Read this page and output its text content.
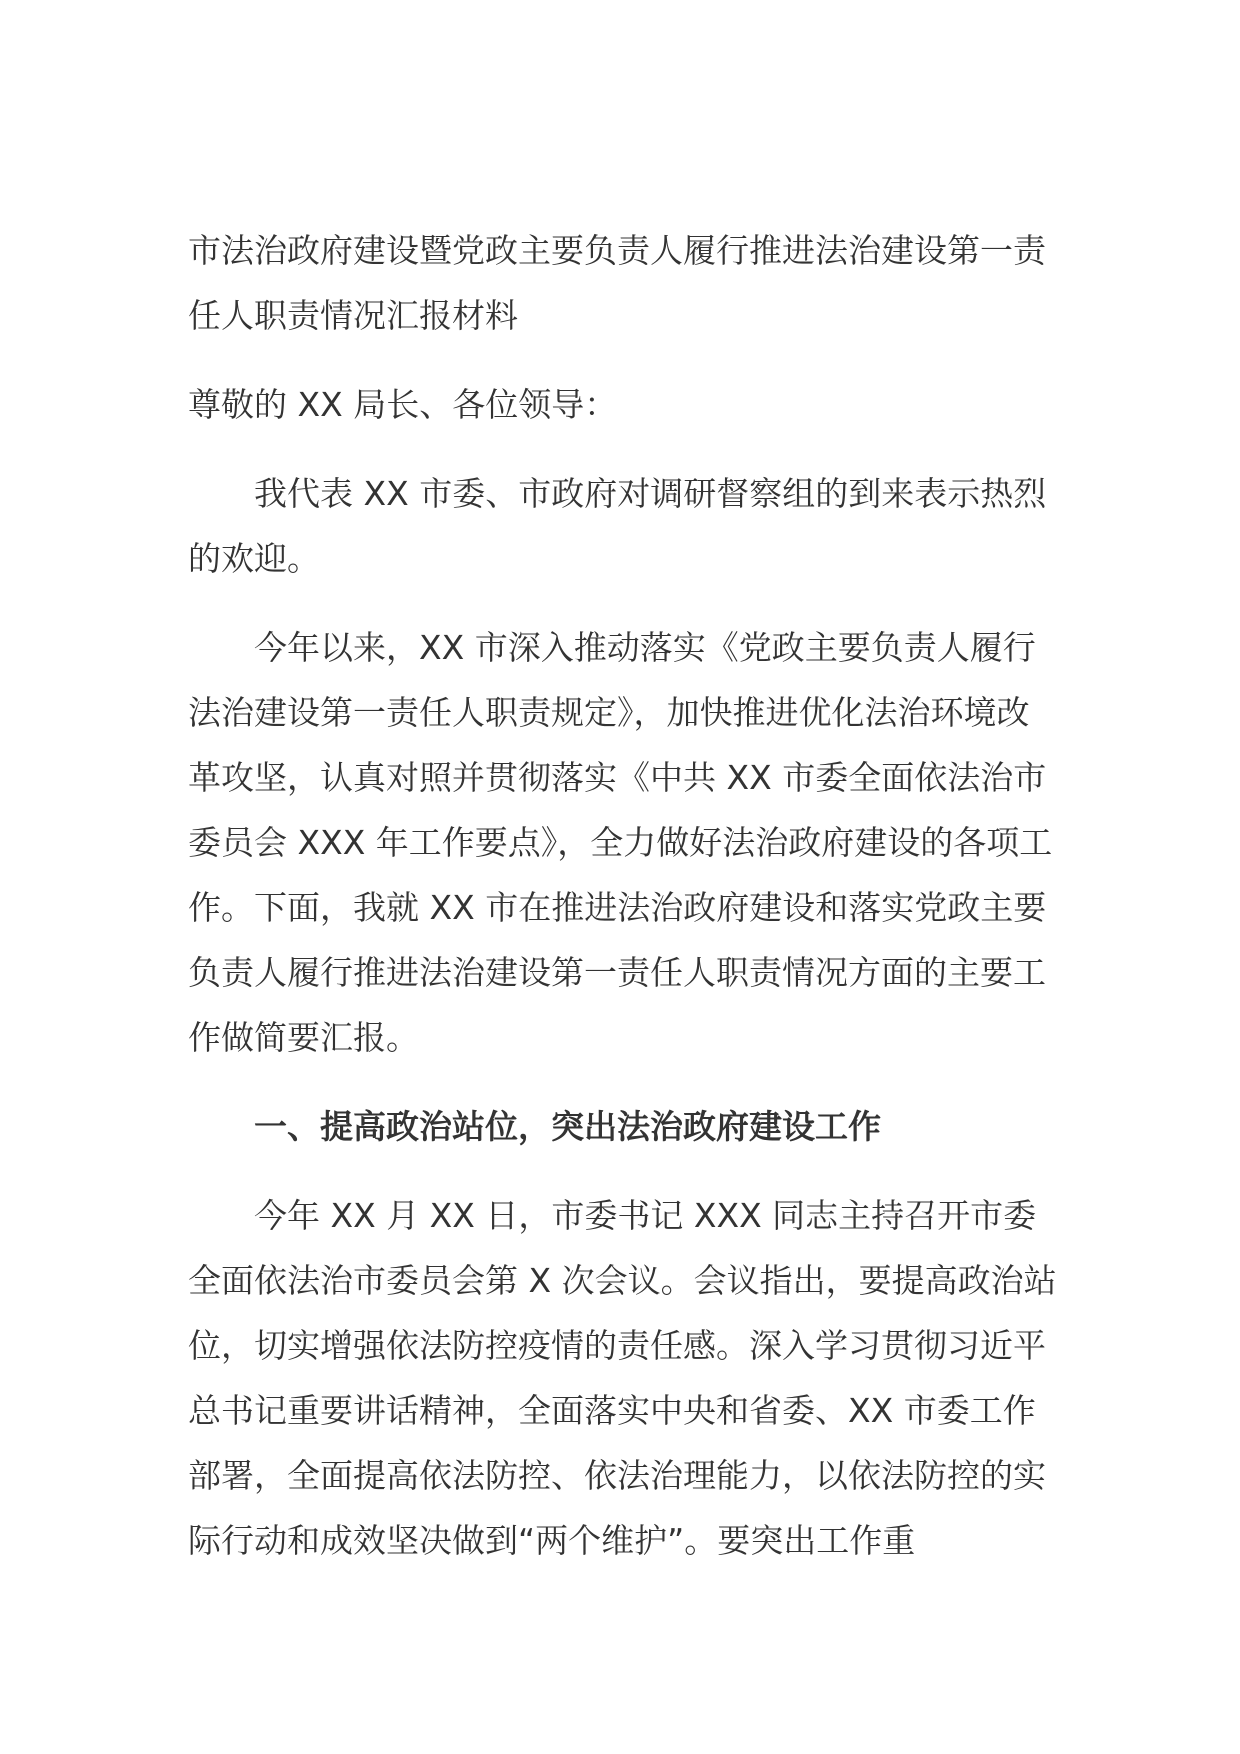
市法治政府建设暨党政主要负责人履行推进法治建设第一责任人职责情况汇报材料

尊敬的 XX 局长、各位领导：

我代表 XX 市委、市政府对调研督察组的到来表示热烈的欢迎。

今年以来，XX 市深入推动落实《党政主要负责人履行法治建设第一责任人职责规定》，加快推进优化法治环境改革攻坚，认真对照并贯彻落实《中共 XX 市委全面依法治市委员会 XXX 年工作要点》，全力做好法治政府建设的各项工作。下面，我就 XX 市在推进法治政府建设和落实党政主要负责人履行推进法治建设第一责任人职责情况方面的主要工作做简要汇报。

一、提高政治站位，突出法治政府建设工作

今年 XX 月 XX 日，市委书记 XXX 同志主持召开市委全面依法治市委员会第 X 次会议。会议指出，要提高政治站位，切实增强依法防控疫情的责任感。深入学习贯彻习近平总书记重要讲话精神，全面落实中央和省委、XX 市委工作部署，全面提高依法防控、依法治理能力，以依法防控的实际行动和成效坚决做到“两个维护”。要突出工作重
